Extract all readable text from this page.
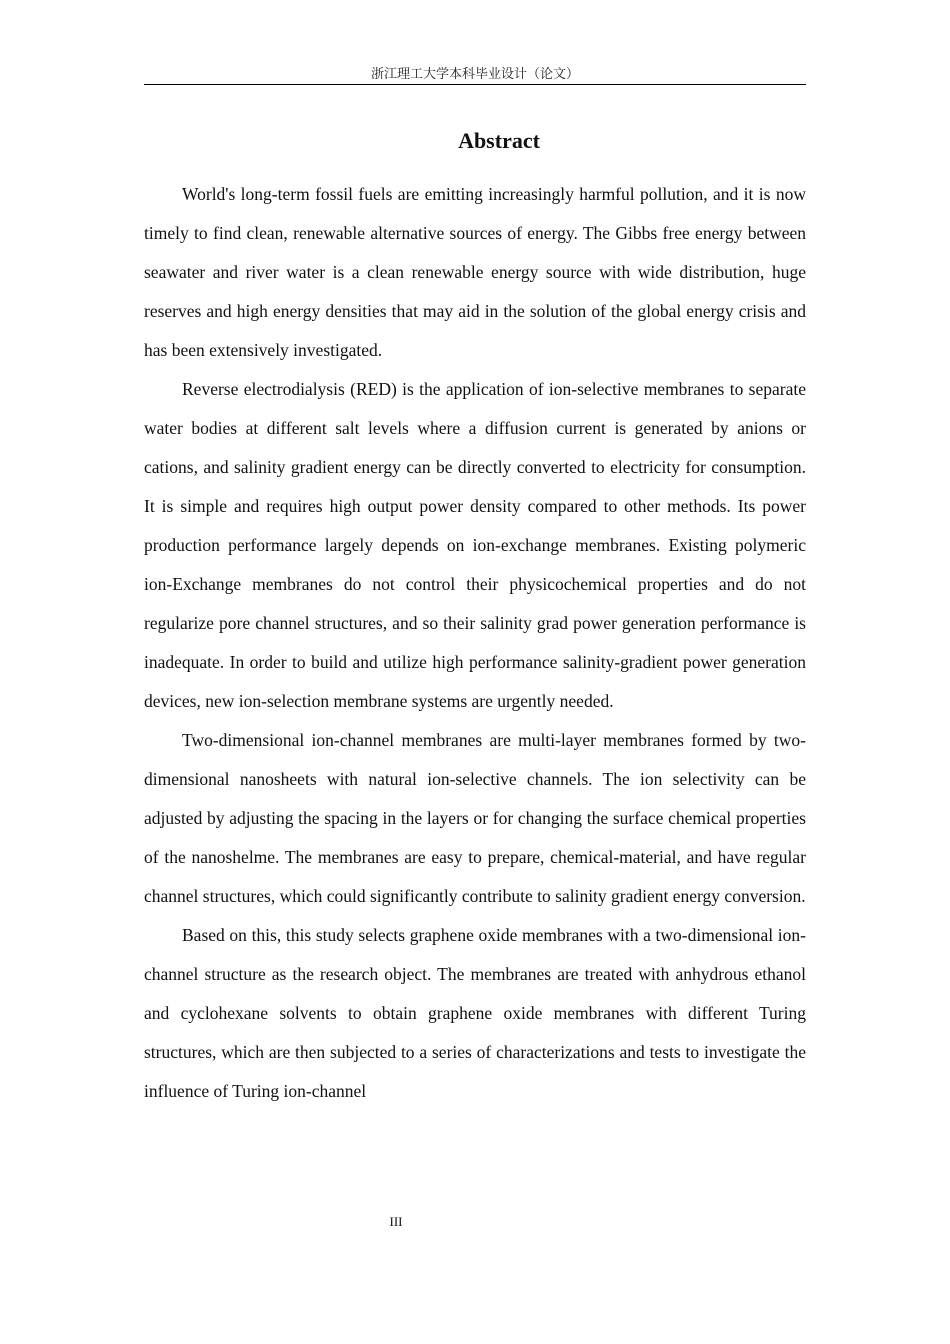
浙江理工大学本科毕业设计（论文）
Abstract

World's long-term fossil fuels are emitting increasingly harmful pollution, and it is now timely to find clean, renewable alternative sources of energy. The Gibbs free energy between seawater and river water is a clean renewable energy source with wide distribution, huge reserves and high energy densities that may aid in the solution of the global energy crisis and has been extensively investigated.

Reverse electrodialysis (RED) is the application of ion-selective membranes to separate water bodies at different salt levels where a diffusion current is generated by anions or cations, and salinity gradient energy can be directly converted to electricity for consumption. It is simple and requires high output power density compared to other methods. Its power production performance largely depends on ion-exchange membranes. Existing polymeric ion-Exchange membranes do not control their physicochemical properties and do not regularize pore channel structures, and so their salinity grad power generation performance is inadequate. In order to build and utilize high performance salinity-gradient power generation devices, new ion-selection membrane systems are urgently needed.

Two-dimensional ion-channel membranes are multi-layer membranes formed by two-dimensional nanosheets with natural ion-selective channels. The ion selectivity can be adjusted by adjusting the spacing in the layers or for changing the surface chemical properties of the nanoshelme. The membranes are easy to prepare, chemical-material, and have regular channel structures, which could significantly contribute to salinity gradient energy conversion.

Based on this, this study selects graphene oxide membranes with a two-dimensional ion-channel structure as the research object. The membranes are treated with anhydrous ethanol and cyclohexane solvents to obtain graphene oxide membranes with different Turing structures, which are then subjected to a series of characterizations and tests to investigate the influence of Turing ion-channel

III
